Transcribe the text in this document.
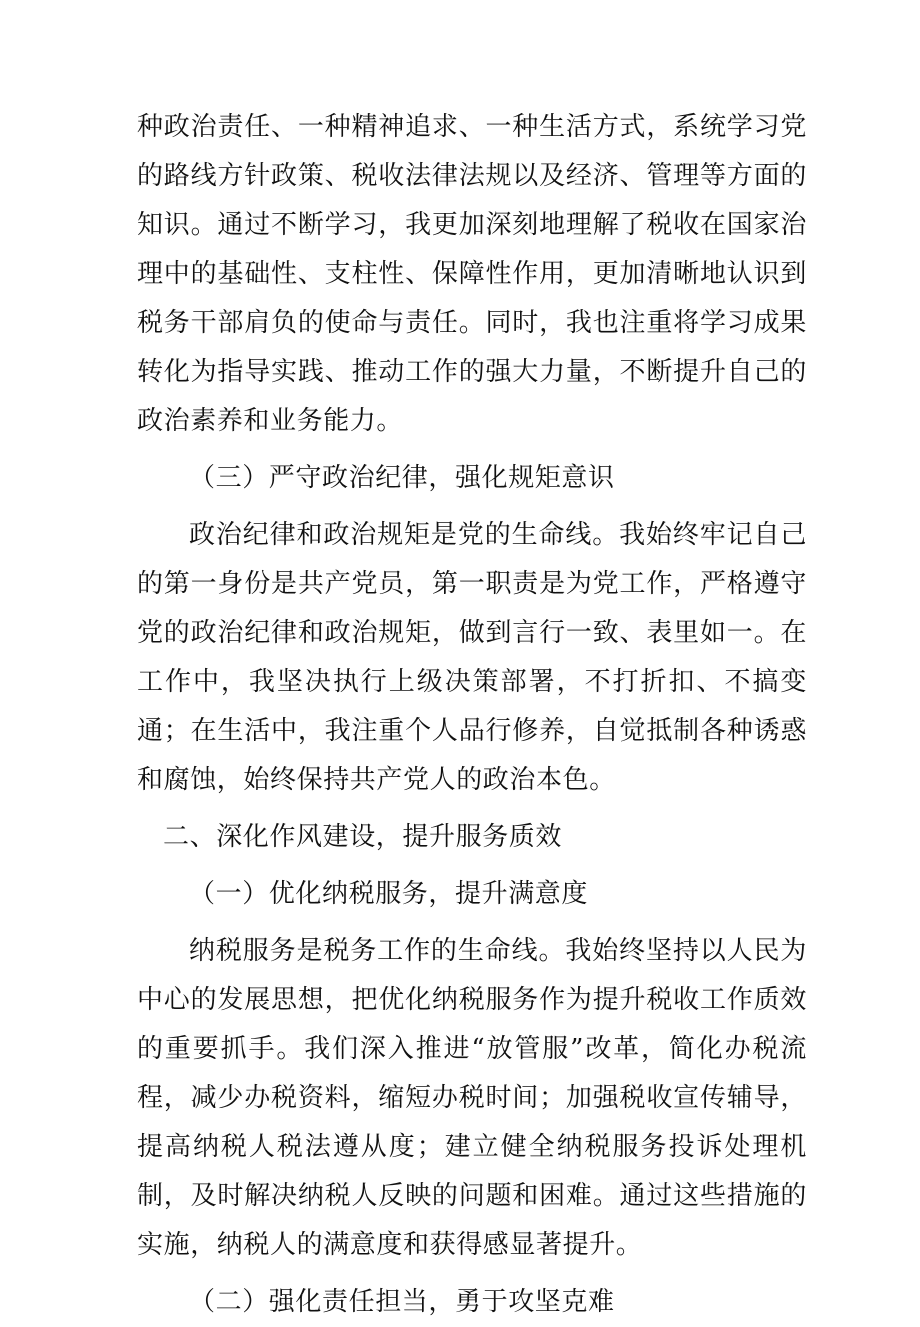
种政治责任、一种精神追求、一种生活方式，系统学习党的路线方针政策、税收法律法规以及经济、管理等方面的知识。通过不断学习，我更加深刻地理解了税收在国家治理中的基础性、支柱性、保障性作用，更加清晰地认识到税务干部肩负的使命与责任。同时，我也注重将学习成果转化为指导实践、推动工作的强大力量，不断提升自己的政治素养和业务能力。

（三）严守政治纪律，强化规矩意识

政治纪律和政治规矩是党的生命线。我始终牢记自己的第一身份是共产党员，第一职责是为党工作，严格遵守党的政治纪律和政治规矩，做到言行一致、表里如一。在工作中，我坚决执行上级决策部署，不打折扣、不搞变通；在生活中，我注重个人品行修养，自觉抵制各种诱惑和腐蚀，始终保持共产党人的政治本色。

二、深化作风建设，提升服务质效

（一）优化纳税服务，提升满意度

纳税服务是税务工作的生命线。我始终坚持以人民为中心的发展思想，把优化纳税服务作为提升税收工作质效的重要抓手。我们深入推进“放管服”改革，简化办税流程，减少办税资料，缩短办税时间；加强税收宣传辅导，提高纳税人税法遵从度；建立健全纳税服务投诉处理机制，及时解决纳税人反映的问题和困难。通过这些措施的实施，纳税人的满意度和获得感显著提升。

（二）强化责任担当，勇于攻坚克难
